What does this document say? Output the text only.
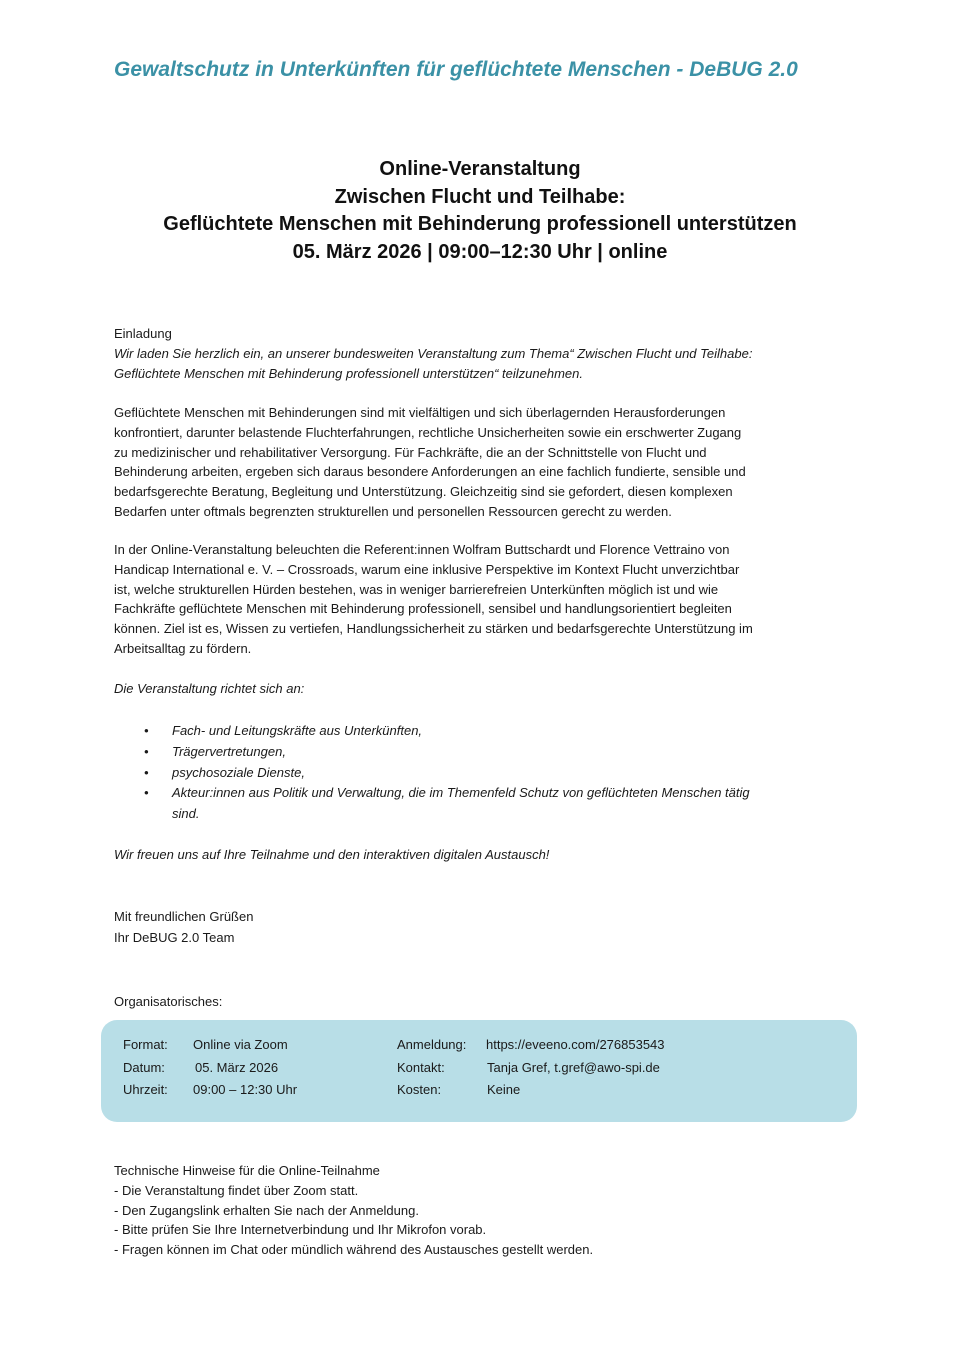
Gewaltschutz in Unterkünften für geflüchtete Menschen - DeBUG 2.0
Online-Veranstaltung
Zwischen Flucht und Teilhabe:
Geflüchtete Menschen mit Behinderung professionell unterstützen
05. März 2026 | 09:00–12:30 Uhr | online
Einladung
Wir laden Sie herzlich ein, an unserer bundesweiten Veranstaltung zum Thema“ Zwischen Flucht und Teilhabe:
Geflüchtete Menschen mit Behinderung professionell unterstützen“ teilzunehmen.
Geflüchtete Menschen mit Behinderungen sind mit vielfältigen und sich überlagernden Herausforderungen
konfrontiert, darunter belastende Fluchterfahrungen, rechtliche Unsicherheiten sowie ein erschwerter Zugang
zu medizinischer und rehabilitativer Versorgung. Für Fachkräfte, die an der Schnittstelle von Flucht und
Behinderung arbeiten, ergeben sich daraus besondere Anforderungen an eine fachlich fundierte, sensible und
bedarfsgerechte Beratung, Begleitung und Unterstützung. Gleichzeitig sind sie gefordert, diesen komplexen
Bedarfen unter oftmals begrenzten strukturellen und personellen Ressourcen gerecht zu werden.
In der Online-Veranstaltung beleuchten die Referent:innen Wolfram Buttschardt und Florence Vettraino von
Handicap International e. V. – Crossroads, warum eine inklusive Perspektive im Kontext Flucht unverzichtbar
ist, welche strukturellen Hürden bestehen, was in weniger barrierefreien Unterkünften möglich ist und wie
Fachkräfte geflüchtete Menschen mit Behinderung professionell, sensibel und handlungsorientiert begleiten
können. Ziel ist es, Wissen zu vertiefen, Handlungssicherheit zu stärken und bedarfsgerechte Unterstützung im
Arbeitsalltag zu fördern.
Die Veranstaltung richtet sich an:
• Fach- und Leitungskräfte aus Unterkünften,
• Trägervertretungen,
• psychosoziale Dienste,
• Akteur:innen aus Politik und Verwaltung, die im Themenfeld Schutz von geflüchteten Menschen tätig
sind.
Wir freuen uns auf Ihre Teilnahme und den interaktiven digitalen Austausch!
Mit freundlichen Grüßen
Ihr DeBUG 2.0 Team
Organisatorisches:
Format: Online via Zoom
Datum: 05. März 2026
Uhrzeit: 09:00 – 12:30 Uhr
Anmeldung: https://eveeno.com/276853543
Kontakt:	Tanja Gref, t.gref@awo-spi.de
Kosten:	Keine
Technische Hinweise für die Online-Teilnahme
- Die Veranstaltung findet über Zoom statt.
- Den Zugangslink erhalten Sie nach der Anmeldung.
- Bitte prüfen Sie Ihre Internetverbindung und Ihr Mikrofon vorab.
- Fragen können im Chat oder mündlich während des Austausches gestellt werden.
